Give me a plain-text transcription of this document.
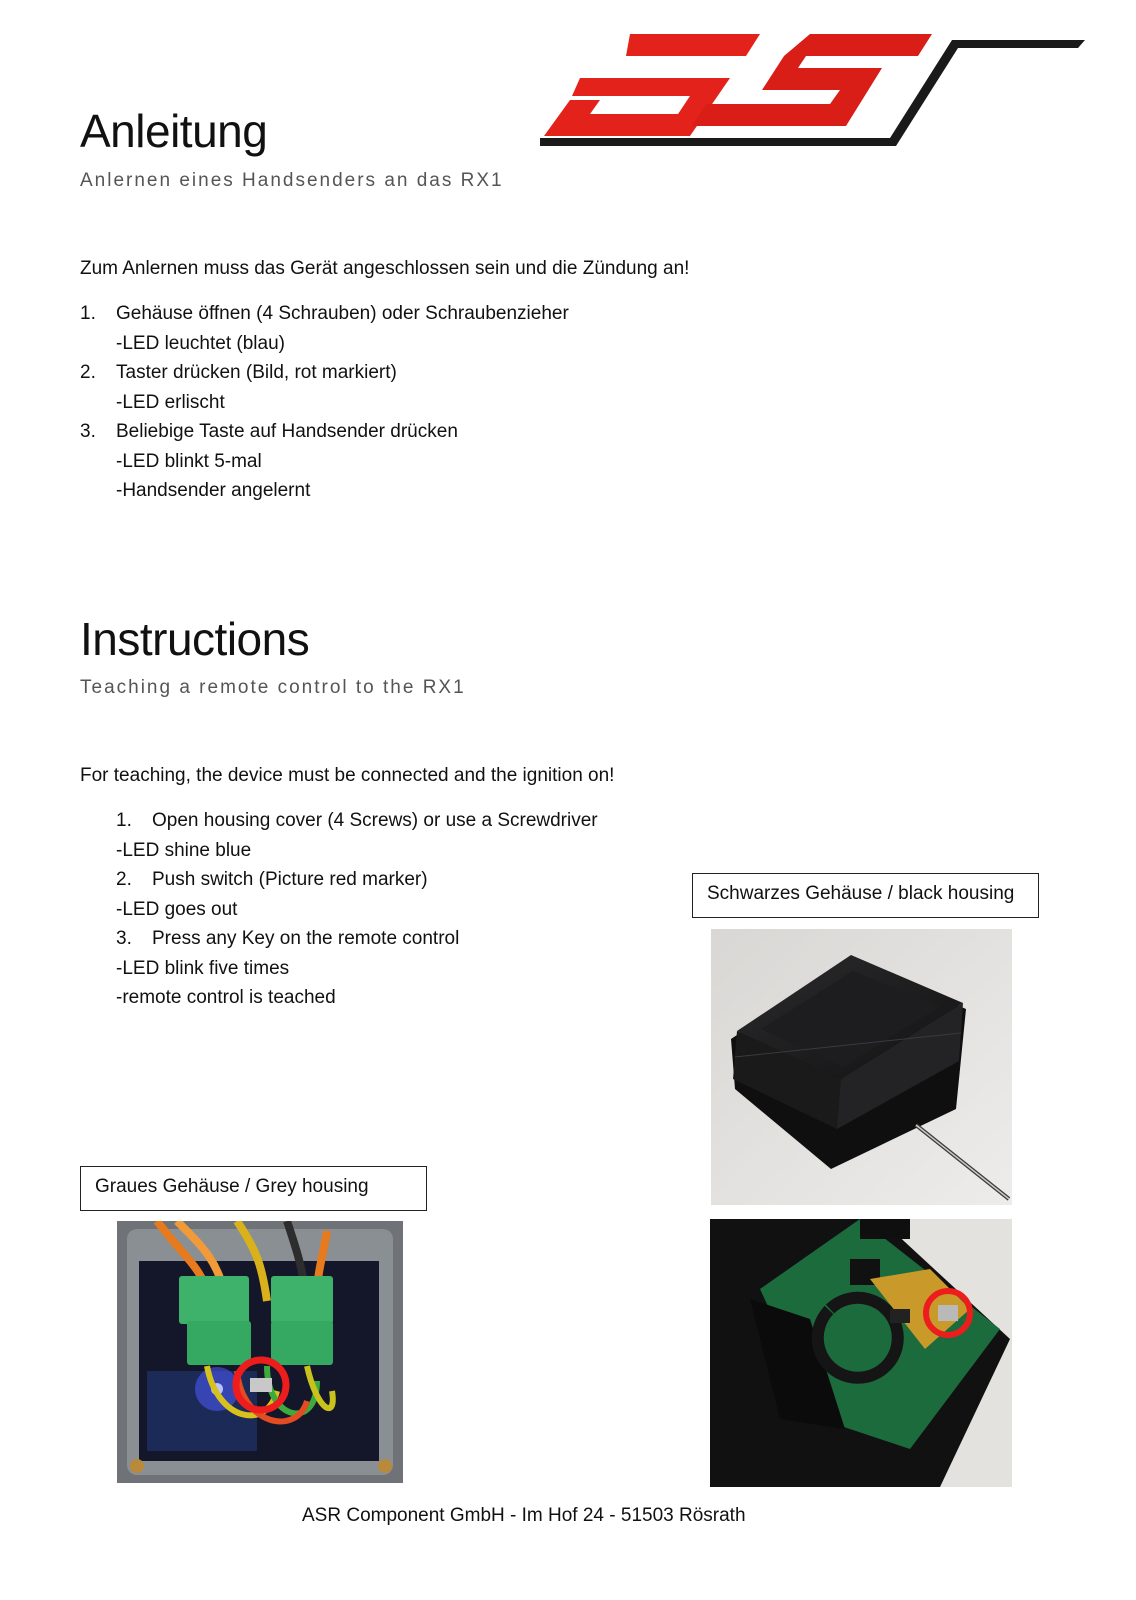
Anleitung
Anlernen eines Handsenders an das RX1
Zum Anlernen muss das Gerät angeschlossen sein und die Zündung an!
1. Gehäuse öffnen (4 Schrauben) oder Schraubenzieher
-LED leuchtet (blau)
2. Taster drücken (Bild, rot markiert)
-LED erlischt
3. Beliebige Taste auf Handsender drücken
-LED blinkt 5-mal
-Handsender angelernt
Instructions
Teaching a remote control to the RX1
For teaching, the device must be connected and the ignition on!
1. Open housing cover (4 Screws) or use a Screwdriver
-LED shine blue
2. Push switch (Picture red marker)
-LED goes out
3. Press any Key on the remote control
-LED blink five times
-remote control is teached
Schwarzes Gehäuse / black housing
Graues Gehäuse / Grey housing
ASR Component GmbH - Im Hof 24 - 51503 Rösrath
